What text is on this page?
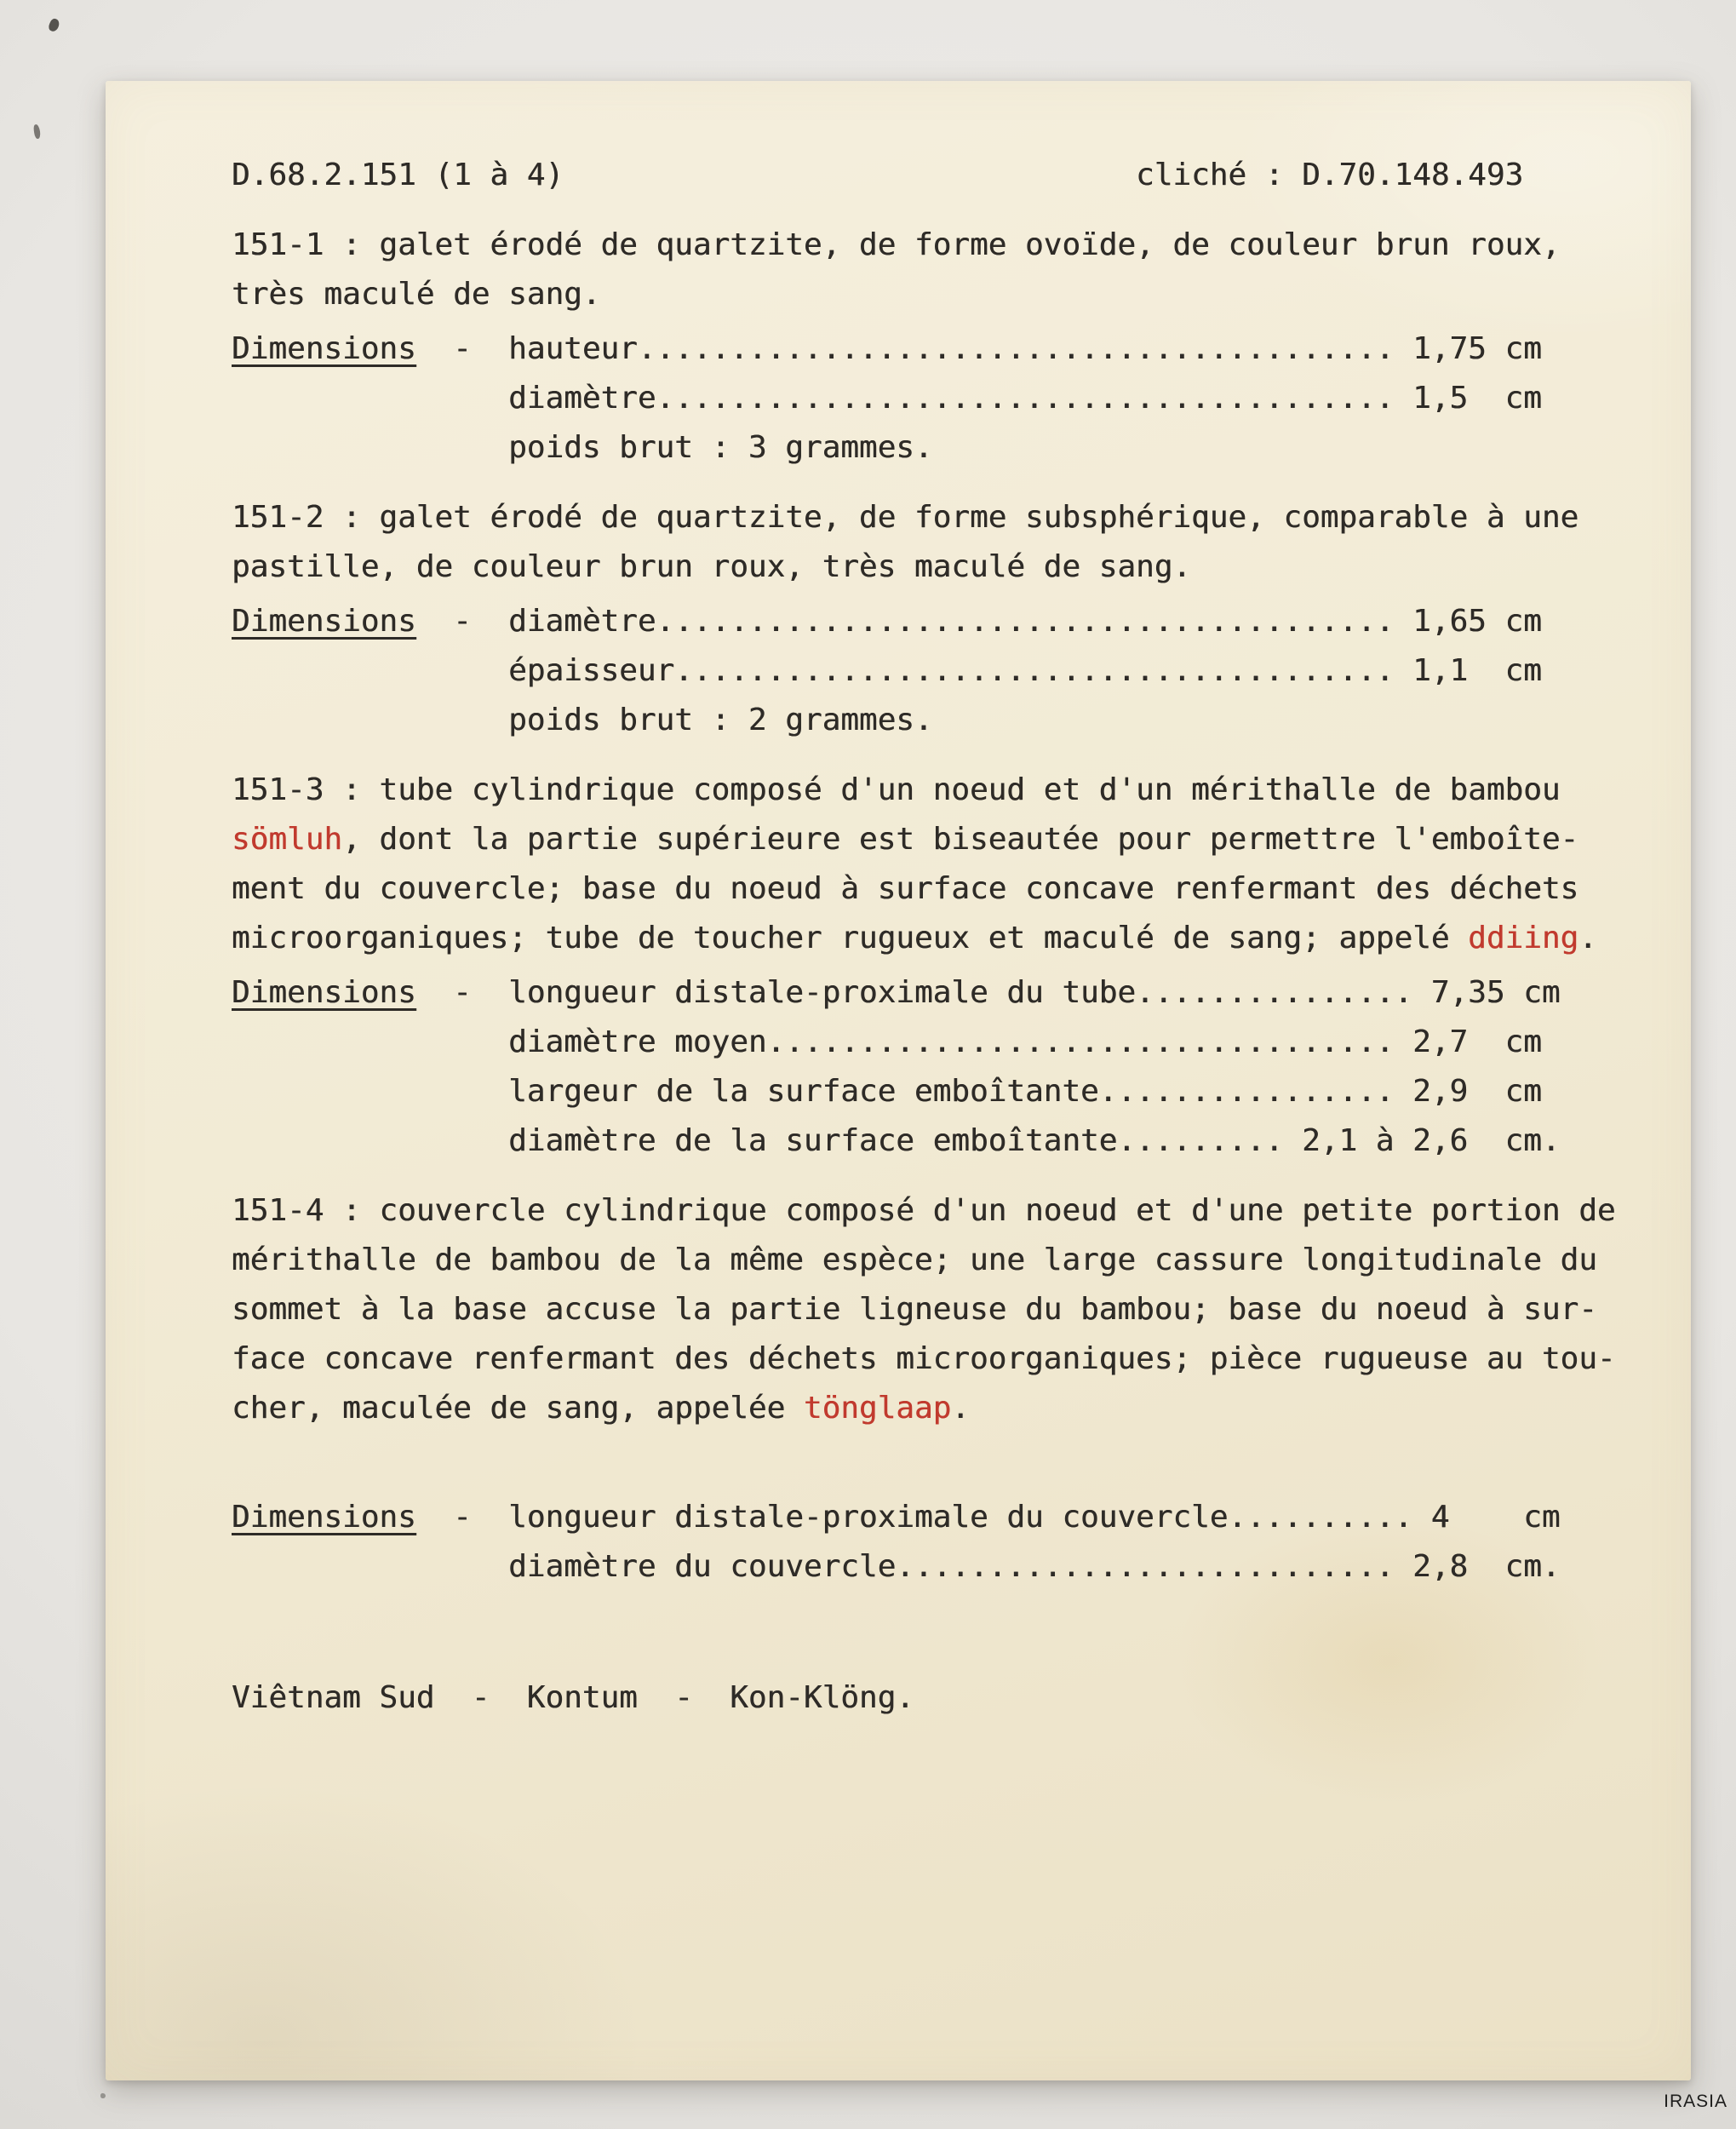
D.68.2.151 (1 à 4)	cliché : D.70.148.493
151-1 : galet érodé de quartzite, de forme ovoïde, de couleur brun roux,
très maculé de sang.
Dimensions  -  hauteur......................................... 1,75 cm
diamètre........................................ 1,5  cm
poids brut : 3 grammes.
151-2 : galet érodé de quartzite, de forme subsphérique, comparable à une
pastille, de couleur brun roux, très maculé de sang.
Dimensions  -  diamètre........................................ 1,65 cm
épaisseur....................................... 1,1  cm
poids brut : 2 grammes.
151-3 : tube cylindrique composé d'un noeud et d'un mérithalle de bambou
sömluh, dont la partie supérieure est biseautée pour permettre l'emboîte-
ment du couvercle; base du noeud à surface concave renfermant des déchets
microorganiques; tube de toucher rugueux et maculé de sang; appelé ddiing.
Dimensions  -  longueur distale-proximale du tube............... 7,35 cm
diamètre moyen.................................. 2,7  cm
largeur de la surface emboîtante................ 2,9  cm
diamètre de la surface emboîtante......... 2,1 à 2,6  cm.
151-4 : couvercle cylindrique composé d'un noeud et d'une petite portion de
mérithalle de bambou de la même espèce; une large cassure longitudinale du
sommet à la base accuse la partie ligneuse du bambou; base du noeud à sur-
face concave renfermant des déchets microorganiques; pièce rugueuse au tou-
cher, maculée de sang, appelée tönglaap.
Dimensions  -  longueur distale-proximale du couvercle.......... 4    cm
diamètre du couvercle........................... 2,8  cm.
Viêtnam Sud  -  Kontum  -  Kon-Klöng.
IRASIA
